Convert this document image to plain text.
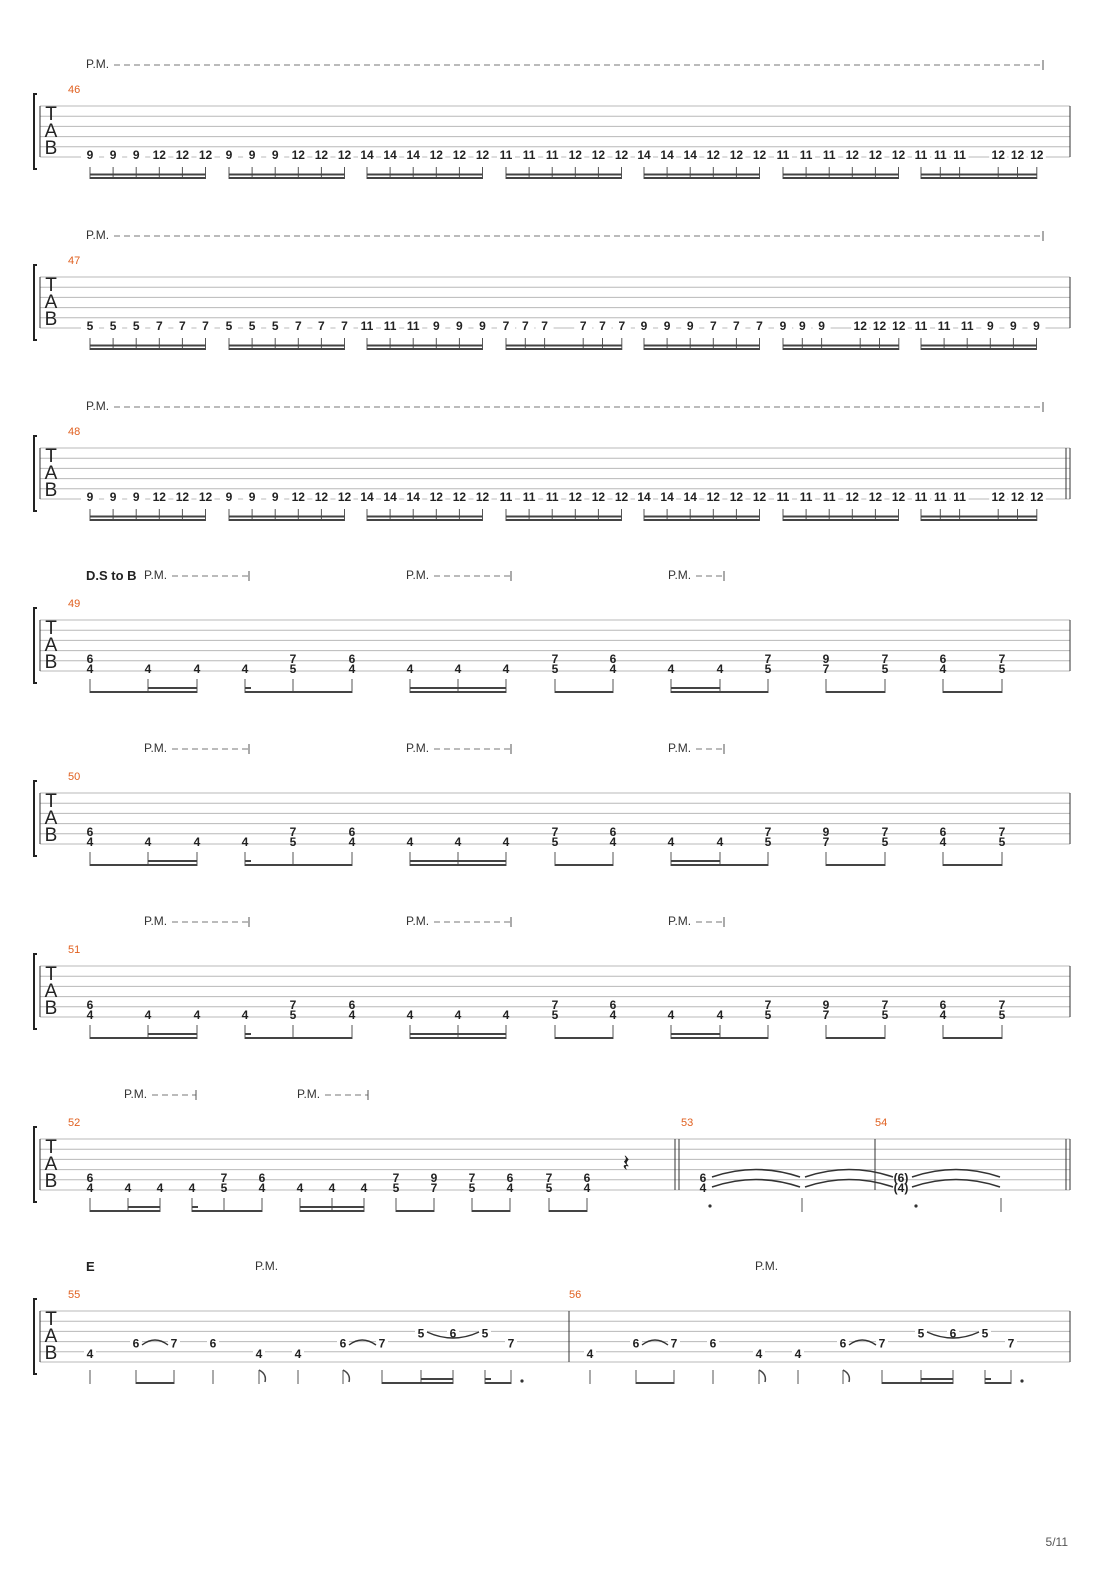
P.M.
46
T
A
B 9 9 9 12 12 12 9 9 9 12 12 12 14 14 14 12 12 12 11 11 11 12 12 12 14 14 14 12 12 12 11 11 11 12 12 12 11 11 11 12 12 12
P.M.
47
T
A
B 5 5 5 7 7 7 5 5 5 7 7 7 11 11 11 9 9 9 7 7 7	7 7 7 9 9 9 7 7 7 9 9 9 12 12 12 11 11 11 9 9 9
P.M.
48
T
A
B 9 9 9 12 12 12 9 9 9 12 12 12 14 14 14 12 12 12 11 11 11 12 12 12 14 14 14 12 12 12 11 11 11 12 12 12 11 11 11 12 12 12
D.S to B P.M.	P.M.	P.M.
49
T
A
B 6
4	4	4	4
7
5
6
4	4	4	4
7
5
6
4	4	4
7
5
9
7
7
5
6
4
7
5
P.M.	P.M.	P.M.
50
T
A
B 6
4	4	4	4
7
5
6
4	4	4	4
7
5
6
4	4	4
7
5
9
7
7
5
6
4
7
5
P.M.	P.M.	P.M.
51
T
A
B 6
4	4	4	4
7
5
6
4	4	4	4
7
5
6
4	4	4
7
5
9
7
7
5
6
4
7
5
P.M.	P.M.
52	53	54
T
A
B 6
4	4 4 4
7
5
6
4	4 4 4
7
5
9
7
7
5
6
4
7
5
6
4
𝄽
6
4
(6)
(4)
E	P.M.	P.M.
55	56
T
A
B 4
6	7	6
4	4
6	7
5 6 5
7
4
6	7	6
4	4
6	7
5 6 5
7
5/11
